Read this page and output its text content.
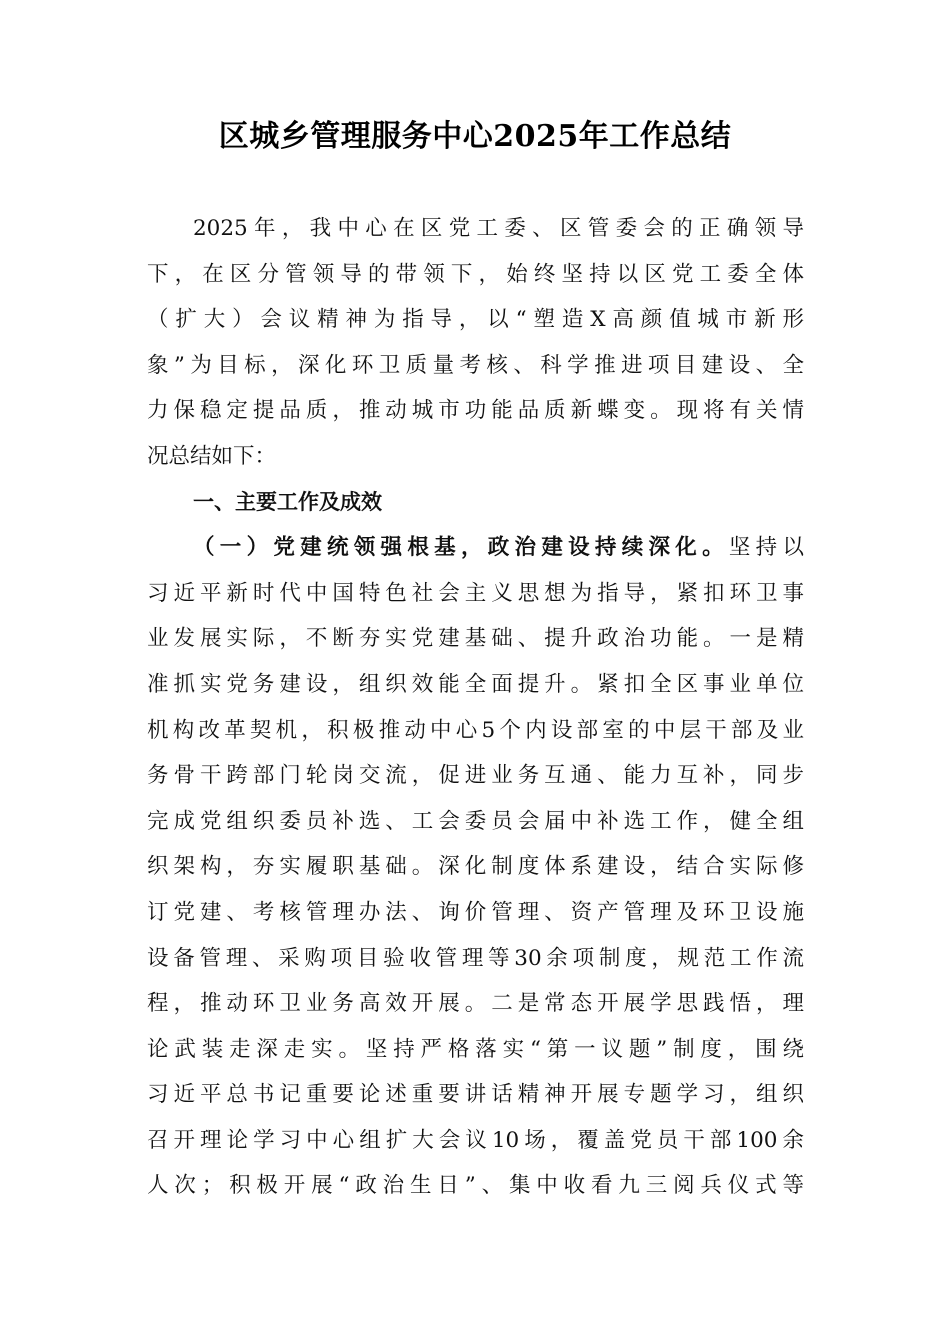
区城乡管理服务中心2025年工作总结
2025年，我中心在区党工委、区管委会的正确领导
下，在区分管领导的带领下，始终坚持以区党工委全体
（扩大）会议精神为指导，以“塑造X高颜值城市新形
象”为目标，深化环卫质量考核、科学推进项目建设、全
力保稳定提品质，推动城市功能品质新蝶变。现将有关情
况总结如下：
一、主要工作及成效
（一）党建统领强根基，政治建设持续深化。坚持以
习近平新时代中国特色社会主义思想为指导，紧扣环卫事
业发展实际，不断夯实党建基础、提升政治功能。一是精
准抓实党务建设，组织效能全面提升。紧扣全区事业单位
机构改革契机，积极推动中心5个内设部室的中层干部及业
务骨干跨部门轮岗交流，促进业务互通、能力互补，同步
完成党组织委员补选、工会委员会届中补选工作，健全组
织架构，夯实履职基础。深化制度体系建设，结合实际修
订党建、考核管理办法、询价管理、资产管理及环卫设施
设备管理、采购项目验收管理等30余项制度，规范工作流
程，推动环卫业务高效开展。二是常态开展学思践悟，理
论武装走深走实。坚持严格落实“第一议题”制度，围绕
习近平总书记重要论述重要讲话精神开展专题学习，组织
召开理论学习中心组扩大会议10场，覆盖党员干部100余
人次；积极开展“政治生日”、集中收看九三阅兵仪式等
